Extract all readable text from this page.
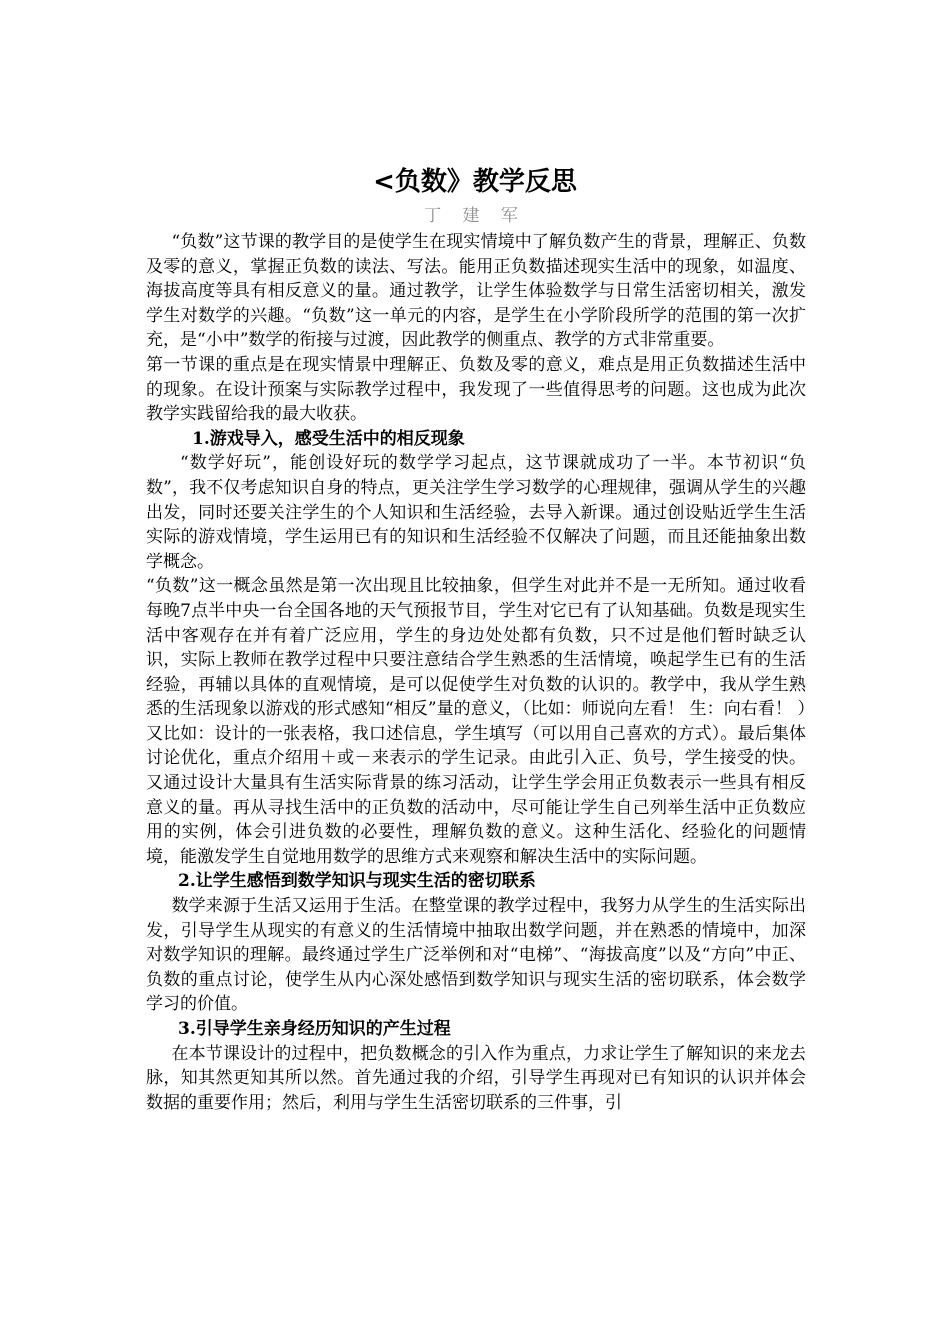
<负数》教学反思
丁 建 军

“负数”这节课的教学目的是使学生在现实情境中了解负数产生的背景，理解正、负数及零的意义，掌握正负数的读法、写法。能用正负数描述现实生活中的现象，如温度、海拔高度等具有相反意义的量。通过教学，让学生体验数学与日常生活密切相关，激发学生对数学的兴趣。“负数”这一单元的内容，是学生在小学阶段所学的范围的第一次扩充，是“小中”数学的衔接与过渡，因此教学的侧重点、教学的方式非常重要。

第一节课的重点是在现实情景中理解正、负数及零的意义，难点是用正负数描述生活中的现象。在设计预案与实际教学过程中，我发现了一些值得思考的问题。这也成为此次教学实践留给我的最大收获。

1.游戏导入，感受生活中的相反现象

“数学好玩”，能创设好玩的数学学习起点，这节课就成功了一半。本节初识“负数”，我不仅考虑知识自身的特点，更关注学生学习数学的心理规律，强调从学生的兴趣出发，同时还要关注学生的个人知识和生活经验，去导入新课。通过创设贴近学生生活实际的游戏情境，学生运用已有的知识和生活经验不仅解决了问题，而且还能抽象出数学概念。

“负数”这一概念虽然是第一次出现且比较抽象，但学生对此并不是一无所知。通过收看每晚7点半中央一台全国各地的天气预报节目，学生对它已有了认知基础。负数是现实生活中客观存在并有着广泛应用，学生的身边处处都有负数，只不过是他们暂时缺乏认识，实际上教师在教学过程中只要注意结合学生熟悉的生活情境，唤起学生已有的生活经验，再辅以具体的直观情境，是可以促使学生对负数的认识的。教学中，我从学生熟悉的生活现象以游戏的形式感知“相反”量的意义，（比如：师说向左看！ 生：向右看！ ）又比如：设计的一张表格，我口述信息，学生填写（可以用自己喜欢的方式）。最后集体讨论优化，重点介绍用＋或－来表示的学生记录。由此引入正、负号，学生接受的快。又通过设计大量具有生活实际背景的练习活动，让学生学会用正负数表示一些具有相反意义的量。再从寻找生活中的正负数的活动中，尽可能让学生自己列举生活中正负数应用的实例，体会引进负数的必要性，理解负数的意义。这种生活化、经验化的问题情境，能激发学生自觉地用数学的思维方式来观察和解决生活中的实际问题。

2.让学生感悟到数学知识与现实生活的密切联系

数学来源于生活又运用于生活。在整堂课的教学过程中，我努力从学生的生活实际出发，引导学生从现实的有意义的生活情境中抽取出数学问题，并在熟悉的情境中，加深对数学知识的理解。最终通过学生广泛举例和对“电梯”、“海拔高度”以及“方向”中正、负数的重点讨论，使学生从内心深处感悟到数学知识与现实生活的密切联系，体会数学学习的价值。

3.引导学生亲身经历知识的产生过程

在本节课设计的过程中，把负数概念的引入作为重点，力求让学生了解知识的来龙去脉，知其然更知其所以然。首先通过我的介绍，引导学生再现对已有知识的认识并体会数据的重要作用；然后，利用与学生生活密切联系的三件事，引
